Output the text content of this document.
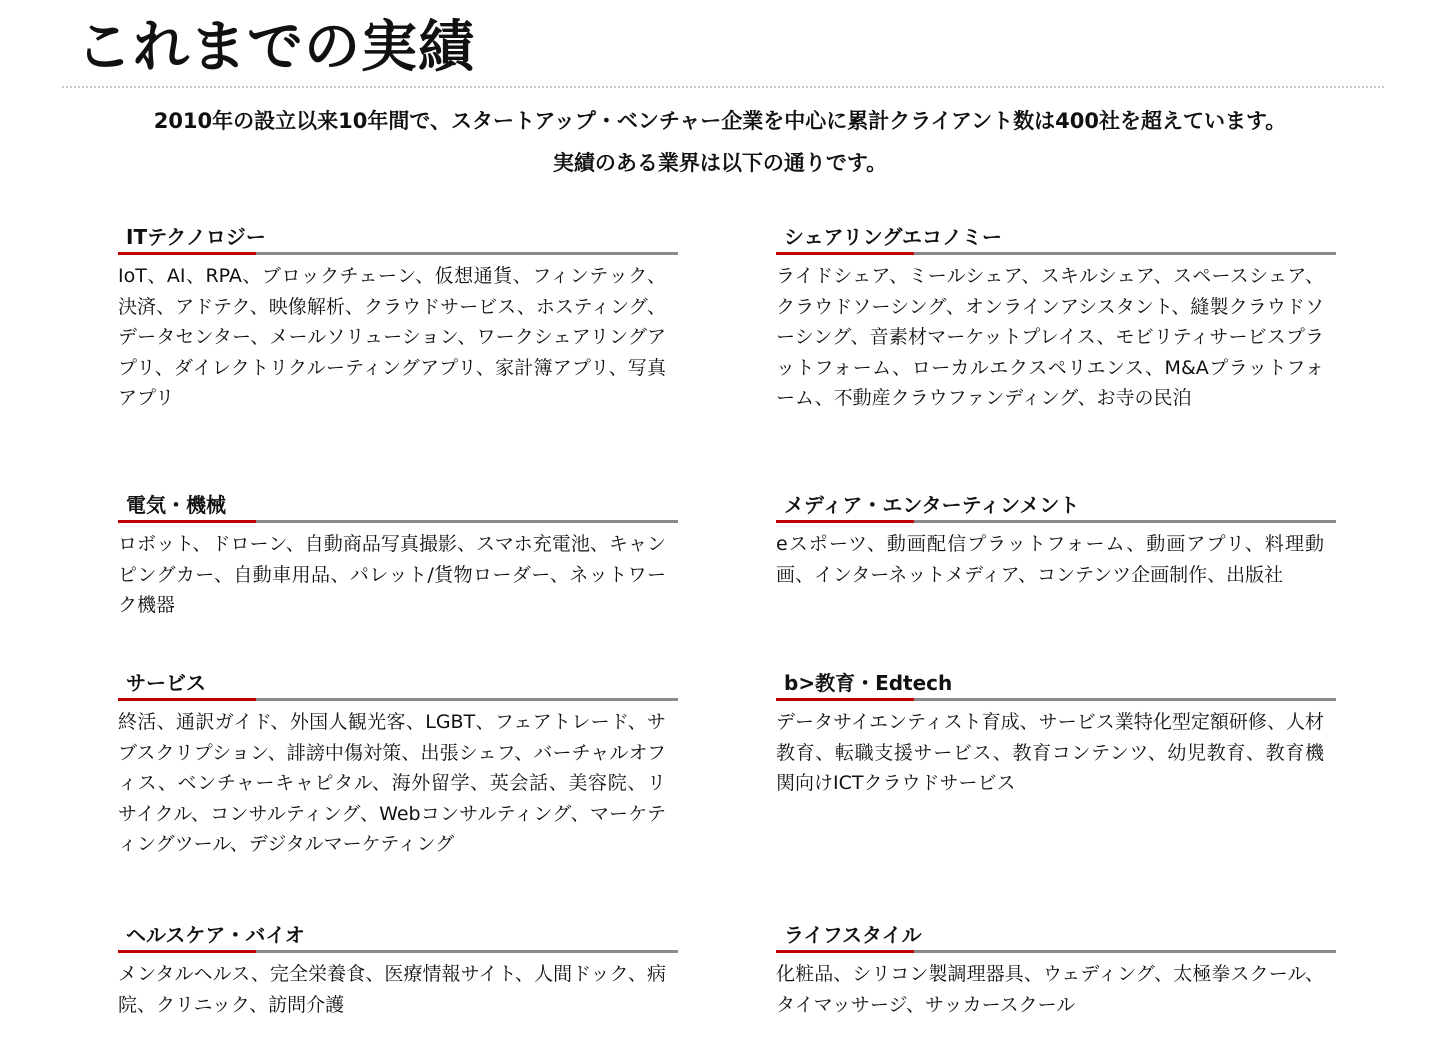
これまでの実績

2010年の設立以来10年間で、スタートアップ・ベンチャー企業を中心に累計クライアント数は400社を超えています。

実績のある業界は以下の通りです。

ITテクノロジー
IoT、AI、RPA、ブロックチェーン、仮想通貨、フィンテック、決済、アドテク、映像解析、クラウドサービス、ホスティング、データセンター、メールソリューション、ワークシェアリングアプリ、ダイレクトリクルーティングアプリ、家計簿アプリ、写真アプリ
シェアリングエコノミー
ライドシェア、ミールシェア、スキルシェア、スペースシェア、クラウドソーシング、オンラインアシスタント、縫製クラウドソーシング、音素材マーケットプレイス、モビリティサービスプラットフォーム、ローカルエクスペリエンス、M&Aプラットフォーム、不動産クラウファンディング、お寺の民泊
電気・機械
ロボット、ドローン、自動商品写真撮影、スマホ充電池、キャンピングカー、自動車用品、パレット/貨物ローダー、ネットワーク機器
メディア・エンターティンメント
eスポーツ、動画配信プラットフォーム、動画アプリ、料理動画、インターネットメディア、コンテンツ企画制作、出版社
サービス
終活、通訳ガイド、外国人観光客、LGBT、フェアトレード、サブスクリプション、誹謗中傷対策、出張シェフ、バーチャルオフィス、ベンチャーキャピタル、海外留学、英会話、美容院、リサイクル、コンサルティング、Webコンサルティング、マーケティングツール、デジタルマーケティング
b>教育・Edtech
データサイエンティスト育成、サービス業特化型定額研修、人材教育、転職支援サービス、教育コンテンツ、幼児教育、教育機関向けICTクラウドサービス
ヘルスケア・バイオ
メンタルヘルス、完全栄養食、医療情報サイト、人間ドック、病院、クリニック、訪問介護
ライフスタイル
化粧品、シリコン製調理器具、ウェディング、太極拳スクール、タイマッサージ、サッカースクール
